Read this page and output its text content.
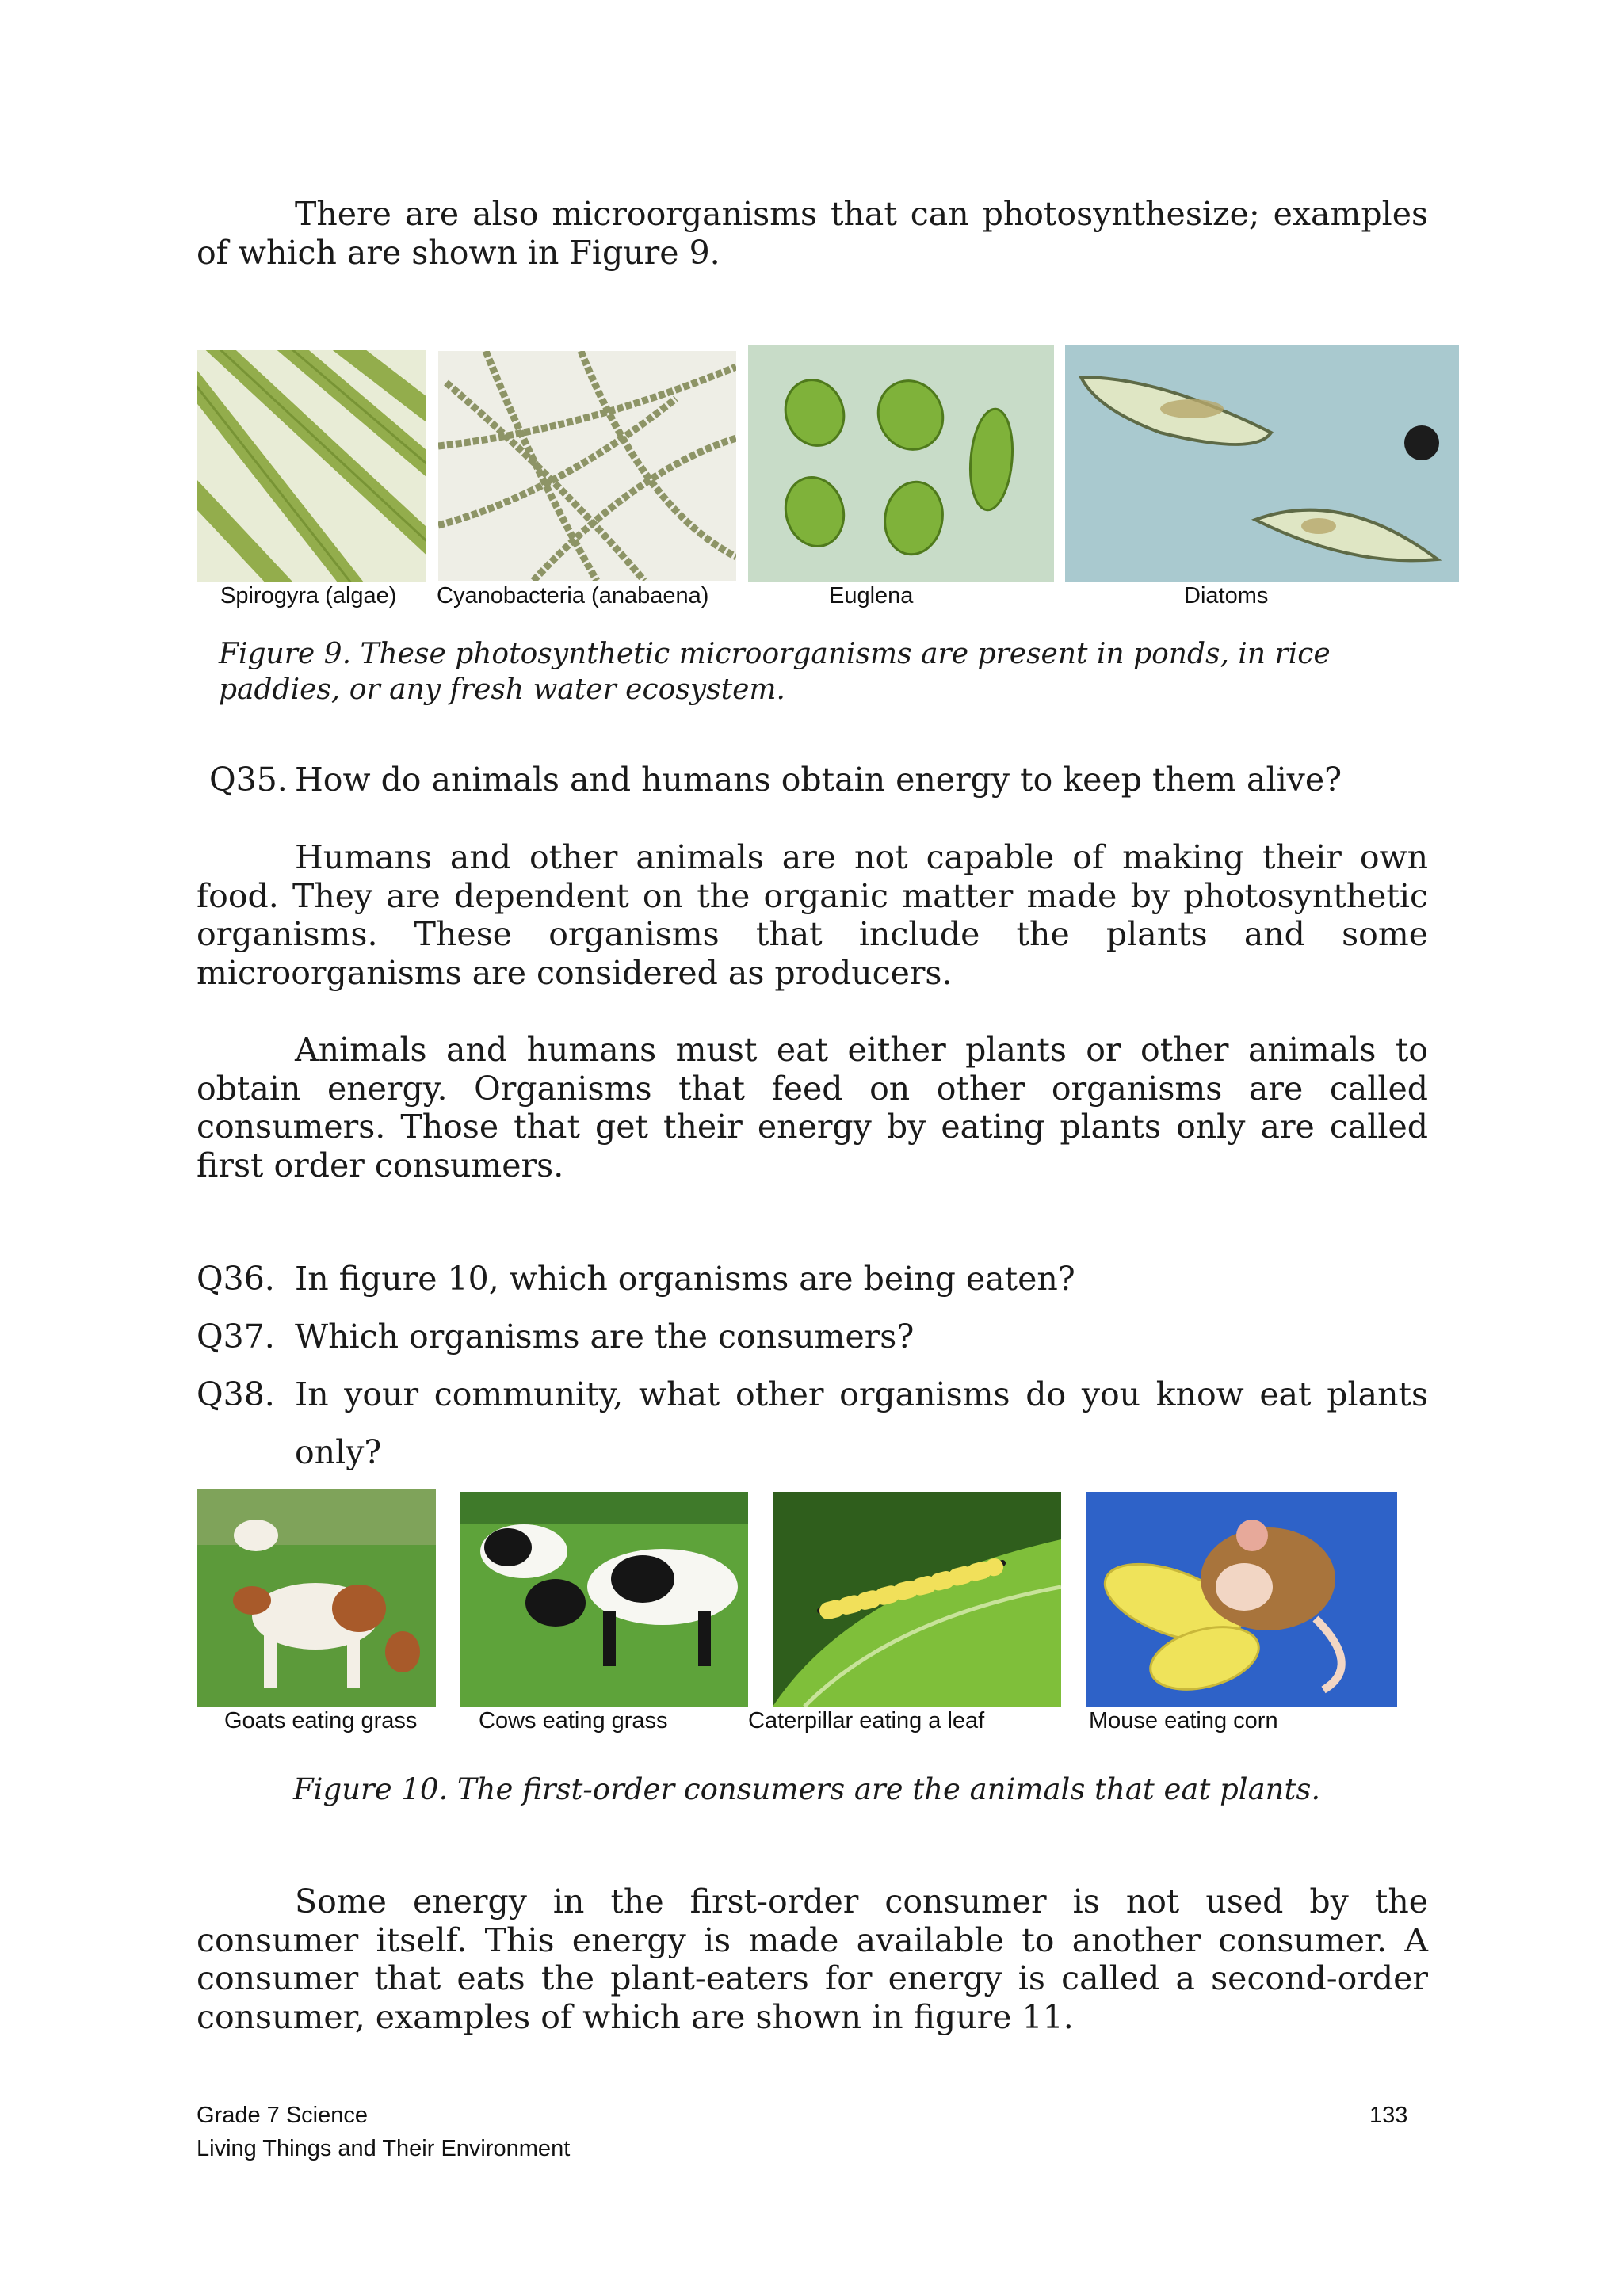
There are also microorganisms that can photosynthesize; examples of which are shown in Figure 9.

Spirogyra (algae) Cyanobacteria (anabaena)	Euglena	Diatoms

Figure 9. These photosynthetic microorganisms are present in ponds, in rice paddies, or any fresh water ecosystem.

Q35. How do animals and humans obtain energy to keep them alive?

Humans and other animals are not capable of making their own food. They are dependent on the organic matter made by photosynthetic organisms. These organisms that include the plants and some microorganisms are considered as producers.

Animals and humans must eat either plants or other animals to obtain energy. Organisms that feed on other organisms are called consumers. Those that get their energy by eating plants only are called first order consumers.

Q36. In figure 10, which organisms are being eaten?
Q37. Which organisms are the consumers?
Q38. In your community, what other organisms do you know eat plants only?
Goats eating grass	Cows eating grass	Caterpillar eating a leaf	Mouse eating corn

Figure 10. The first-order consumers are the animals that eat plants.

Some energy in the first-order consumer is not used by the consumer itself. This energy is made available to another consumer. A consumer that eats the plant-eaters for energy is called a second-order consumer, examples of which are shown in figure 11.

Grade 7 Science
Living Things and Their Environment
133
